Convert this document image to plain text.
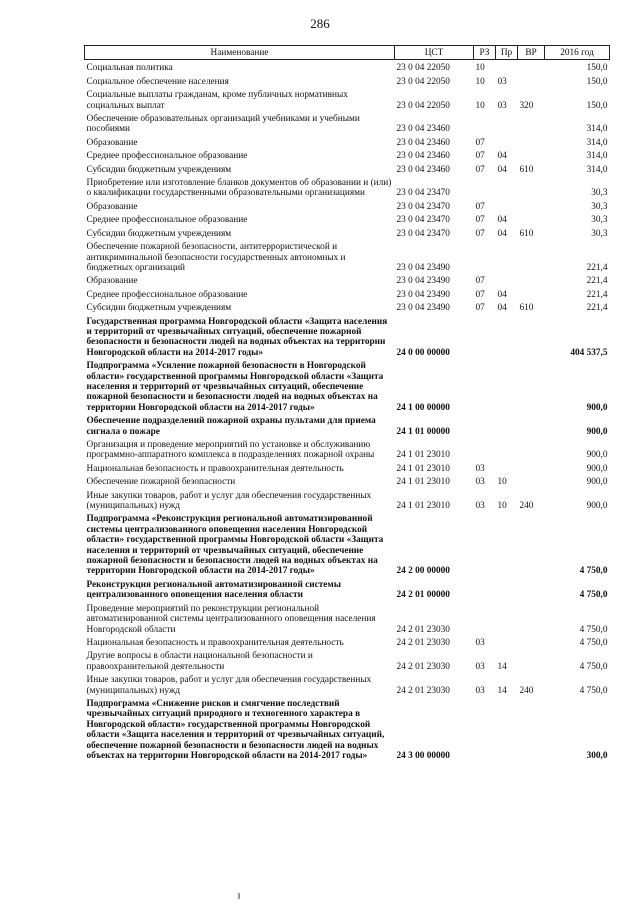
286
Наименование	ЦСТ	РЗ	Пр	ВР	2016 год
Социальная политика	23 0 04 22050	10			150,0
Социальное обеспечение населения	23 0 04 22050	10	03		150,0
Социальные выплаты гражданам, кроме публичных нормативных социальных выплат	23 0 04 22050	10	03	320	150,0
Обеспечение образовательных организаций учебниками и учебными пособиями	23 0 04 23460				314,0
Образование	23 0 04 23460	07			314,0
Среднее профессиональное образование	23 0 04 23460	07	04		314,0
Субсидии бюджетным учреждениям	23 0 04 23460	07	04	610	314,0
Приобретение или изготовление бланков документов об образовании и (или) о квалификации государственными образовательными организациями	23 0 04 23470				30,3
Образование	23 0 04 23470	07			30,3
Среднее профессиональное образование	23 0 04 23470	07	04		30,3
Субсидии бюджетным учреждениям	23 0 04 23470	07	04	610	30,3
Обеспечение пожарной безопасности, антитеррористической и антикриминальной безопасности государственных автономных и бюджетных организаций	23 0 04 23490				221,4
Образование	23 0 04 23490	07			221,4
Среднее профессиональное образование	23 0 04 23490	07	04		221,4
Субсидии бюджетным учреждениям	23 0 04 23490	07	04	610	221,4
Государственная программа Новгородской области «Защита населения и территорий от чрезвычайных ситуаций, обеспечение пожарной безопасности и безопасности людей на водных объектах на территории Новгородской области на 2014-2017 годы»	24 0 00 00000				404 537,5
Подпрограмма «Усиление пожарной безопасности в Новгородской области» государственной программы Новгородской области «Защита населения и территорий от чрезвычайных ситуаций, обеспечение пожарной безопасности и безопасности людей на водных объектах на территории Новгородской области на 2014-2017 годы»	24 1 00 00000				900,0
Обеспечение подразделений пожарной охраны пультами для приема сигнала о пожаре	24 1 01 00000				900,0
Организация и проведение мероприятий по установке и обслуживанию программно-аппаратного комплекса в подразделениях пожарной охраны	24 1 01 23010				900,0
Национальная безопасность и правоохранительная деятельность	24 1 01 23010	03			900,0
Обеспечение пожарной безопасности	24 1 01 23010	03	10		900,0
Иные закупки товаров, работ и услуг для обеспечения государственных (муниципальных) нужд	24 1 01 23010	03	10	240	900,0
Подпрограмма «Реконструкция региональной автоматизированной системы централизованного оповещения населения Новгородской области» государственной программы Новгородской области «Защита населения и территорий от чрезвычайных ситуаций, обеспечение пожарной безопасности и безопасности людей на водных объектах на территории Новгородской области на 2014-2017 годы»	24 2 00 00000				4 750,0
Реконструкция региональной автоматизированной системы централизованного оповещения населения области	24 2 01 00000				4 750,0
Проведение мероприятий по реконструкции региональной автоматизированной системы централизованного оповещения населения Новгородской области	24 2 01 23030				4 750,0
Национальная безопасность и правоохранительная деятельность	24 2 01 23030	03			4 750,0
Другие вопросы в области национальной безопасности и правоохранительной деятельности	24 2 01 23030	03	14		4 750,0
Иные закупки товаров, работ и услуг для обеспечения государственных (муниципальных) нужд	24 2 01 23030	03	14	240	4 750,0
Подпрограмма «Снижение рисков и смягчение последствий чрезвычайных ситуаций природного и техногенного характера в Новгородской области» государственной программы Новгородской области «Защита населения и территорий от чрезвычайных ситуаций, обеспечение пожарной безопасности и безопасности людей на водных объектах на территории Новгородской области на 2014-2017 годы»	24 3 00 00000				300,0
